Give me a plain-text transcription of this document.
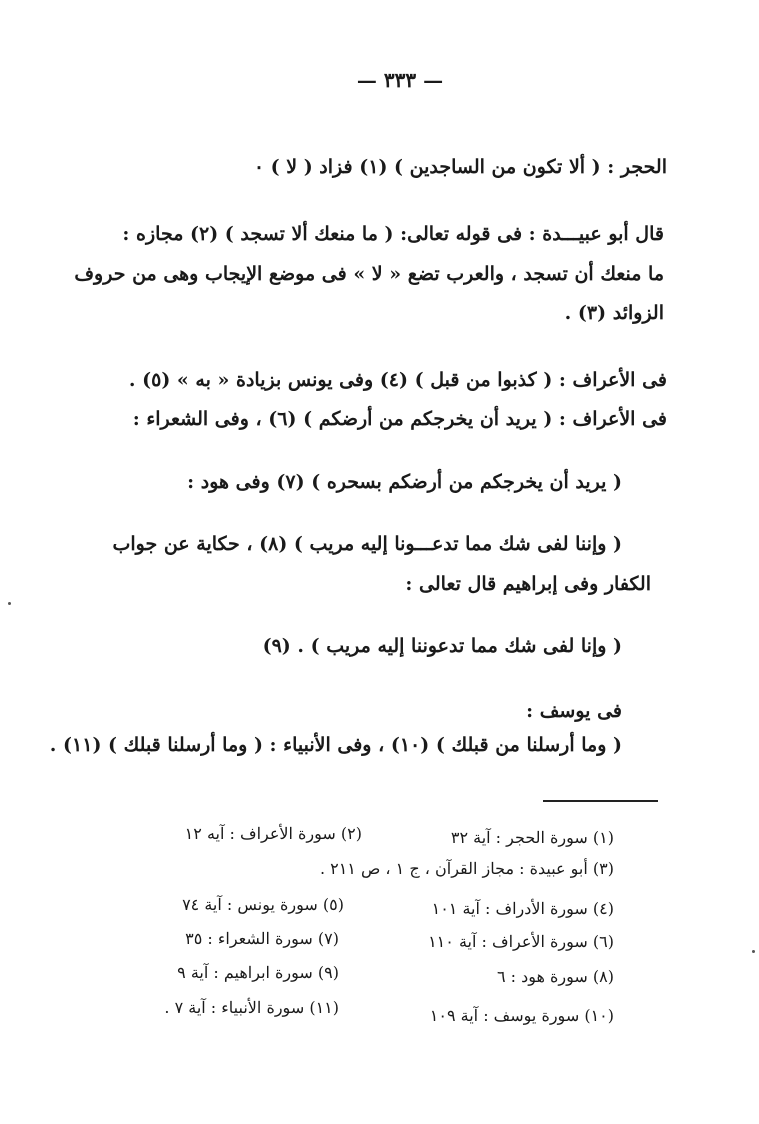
— ٣٣٣ —
الحجر : ( ألا تكون من الساجدين ) (١) فزاد ( لا ) ٠
قال أبو عبيـــدة : فى قوله تعالى: ( ما منعك ألا تسجد ) (٢) مجازه :
ما منعك أن تسجد ، والعرب تضع « لا » فى موضع الإيجاب وهى من حروف
الزوائد (٣) .
فى الأعراف : ( كذبوا من قبل ) (٤) وفى يونس بزيادة « به » (٥) .
فى الأعراف : ( يريد أن يخرجكم من أرضكم ) (٦) ، وفى الشعراء :
( يريد أن يخرجكم من أرضكم بسحره ) (٧) وفى هود :
( وإننا لفى شك مما تدعـــونا إليه مريب ) (٨) ، حكاية عن جواب
الكفار وفى إبراهيم قال تعالى :
( وإنا لفى شك مما تدعوننا إليه مريب ) . (٩)
فى يوسف :
( وما أرسلنا من قبلك ) (١٠) ، وفى الأنبياء : ( وما أرسلنا قبلك ) (١١) .
(١) سورة الحجر : آية ٣٢
(٢) سورة الأعراف : آيه ١٢
(٣) أبو عبيدة : مجاز القرآن ، ج ١ ، ص ٢١١ .
(٤) سورة الأدراف : آية ١٠١
(٥) سورة يونس : آية ٧٤
(٦) سورة الأعراف : آية ١١٠
(٧) سورة الشعراء : ٣٥
(٨) سورة هود : ٦
(٩) سورة ابراهيم : آية ٩
(١٠) سورة يوسف : آية ١٠٩
(١١) سورة الأنبياء : آية ٧ .
